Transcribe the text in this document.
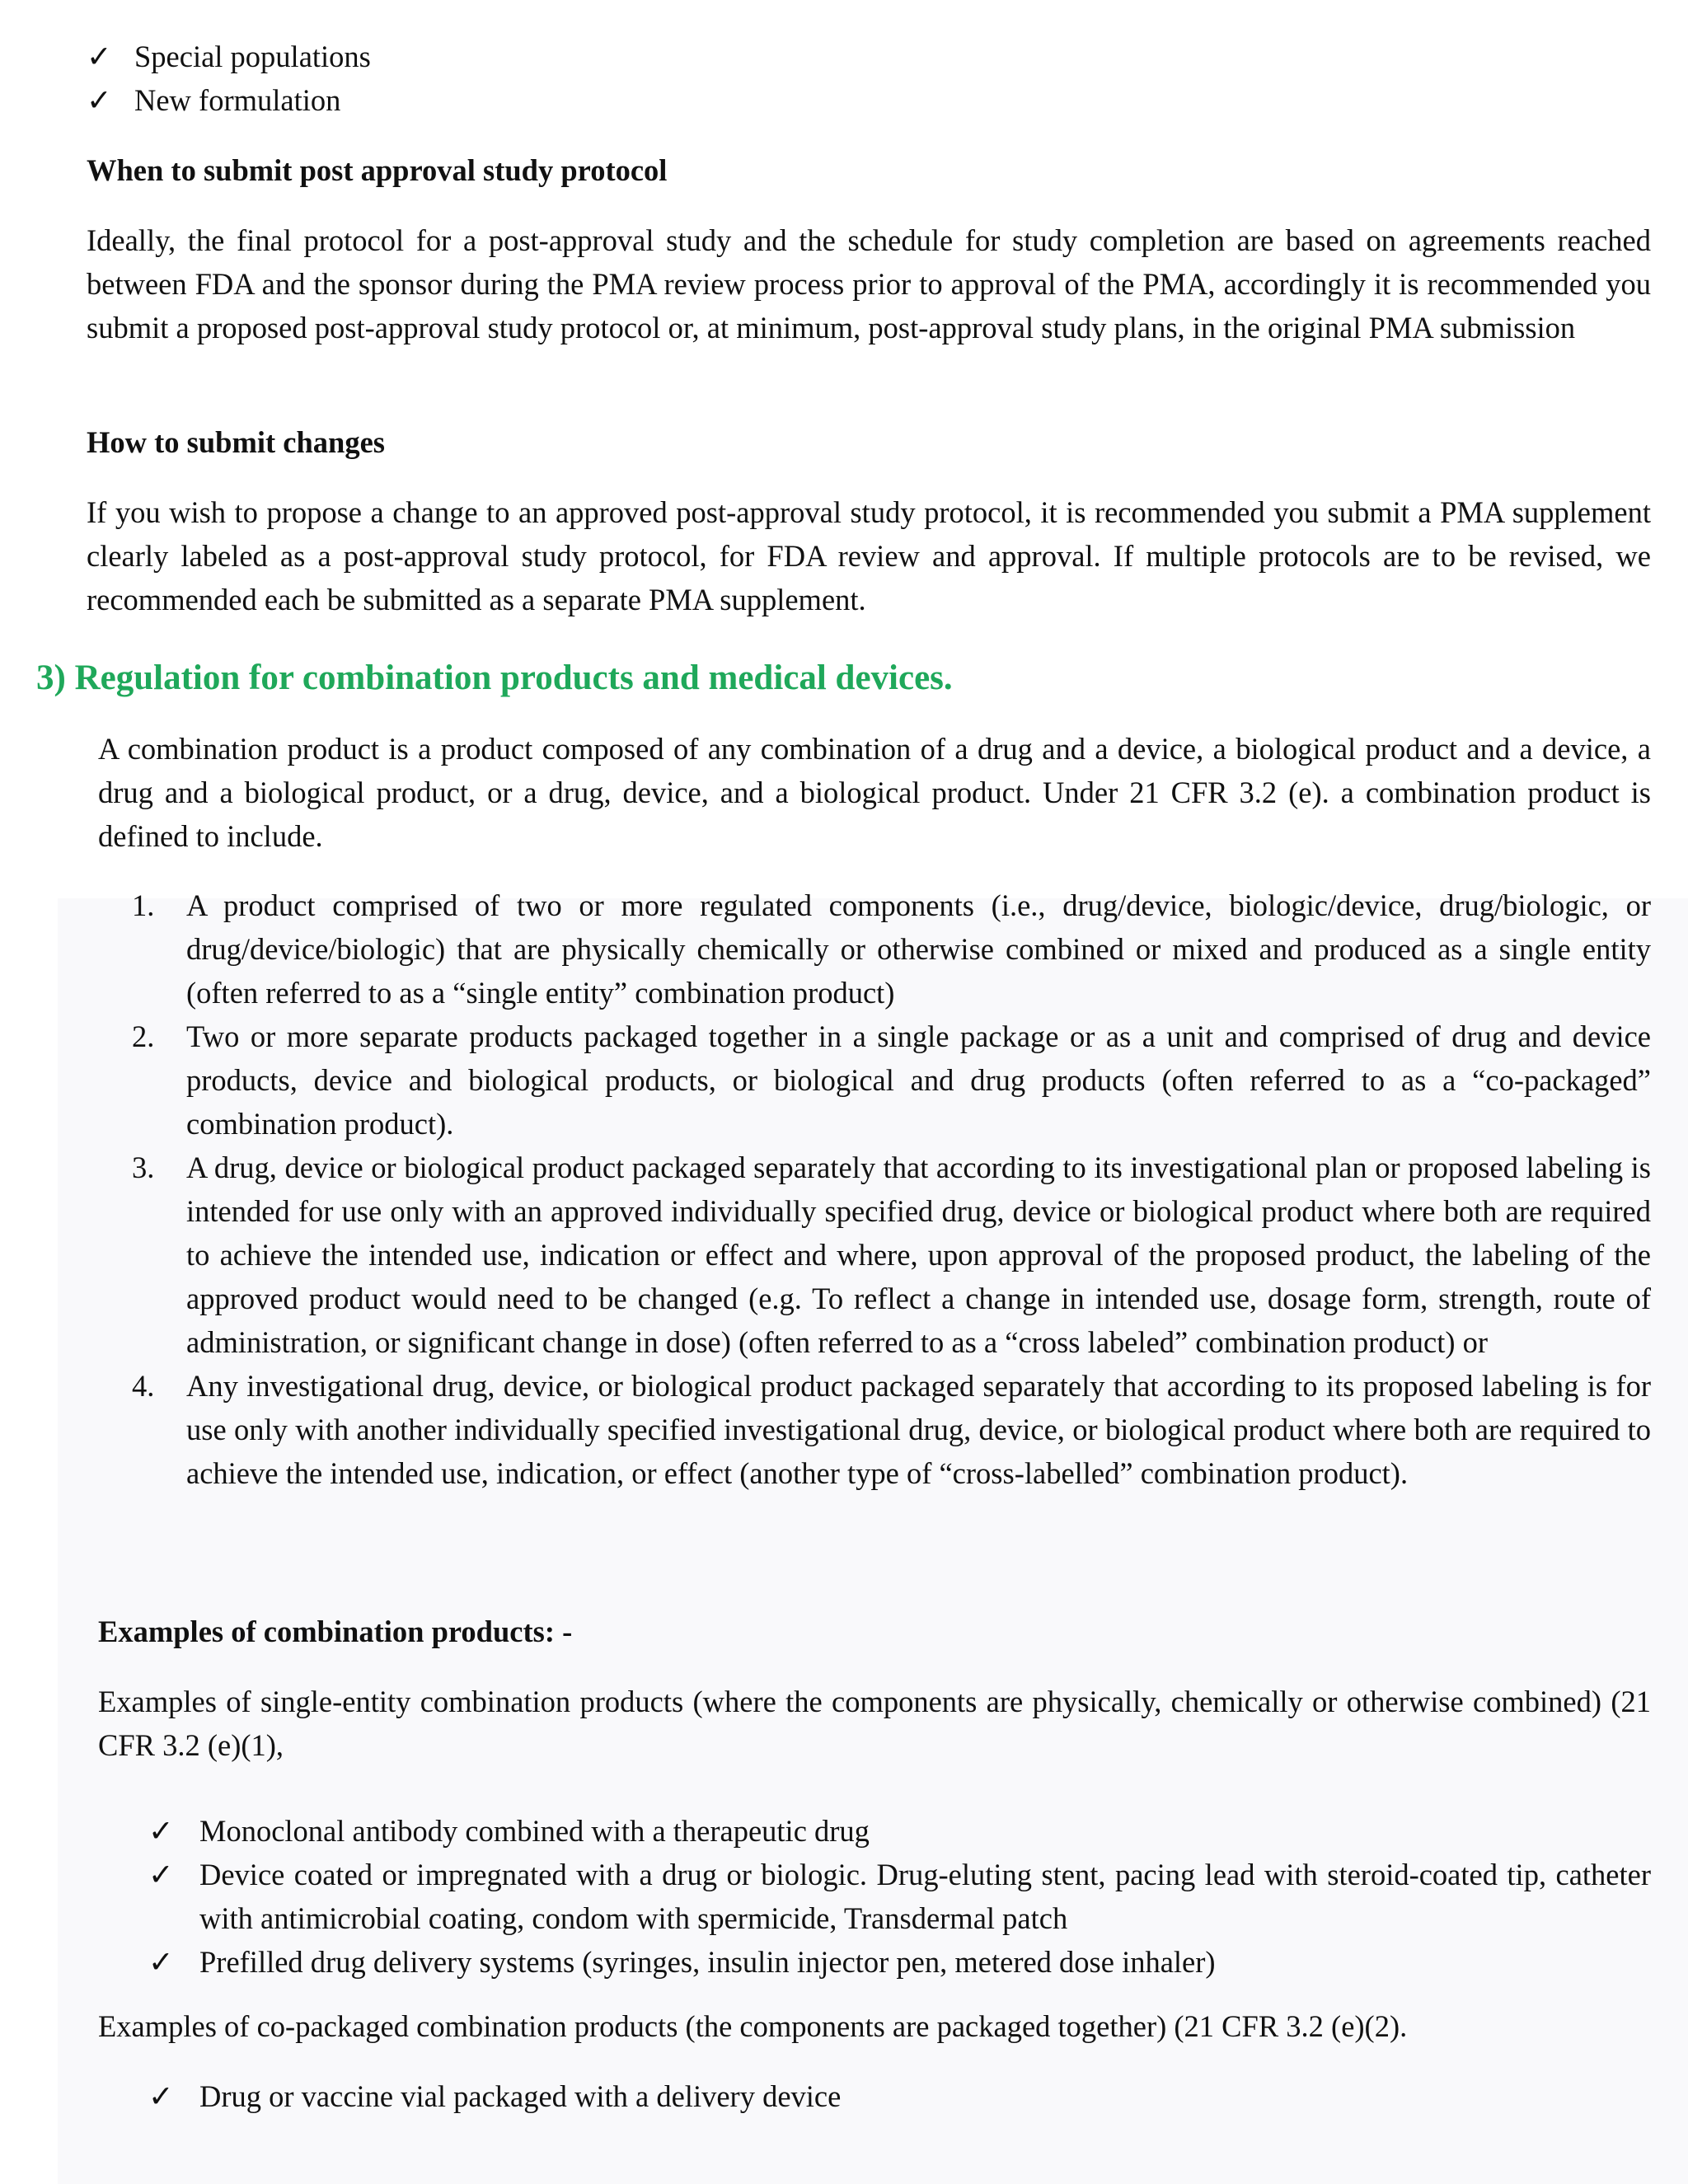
✓ Special populations
✓ New formulation
When to submit post approval study protocol
Ideally, the final protocol for a post-approval study and the schedule for study completion are based on agreements reached between FDA and the sponsor during the PMA review process prior to approval of the PMA, accordingly it is recommended you submit a proposed post-approval study protocol or, at minimum, post-approval study plans, in the original PMA submission
How to submit changes
If you wish to propose a change to an approved post-approval study protocol, it is recommended you submit a PMA supplement clearly labeled as a post-approval study protocol, for FDA review and approval. If multiple protocols are to be revised, we recommended each be submitted as a separate PMA supplement.
3) Regulation for combination products and medical devices.
A combination product is a product composed of any combination of a drug and a device, a biological product and a device, a drug and a biological product, or a drug, device, and a biological product. Under 21 CFR 3.2 (e). a combination product is defined to include.
1. A product comprised of two or more regulated components (i.e., drug/device, biologic/device, drug/biologic, or drug/device/biologic) that are physically chemically or otherwise combined or mixed and produced as a single entity (often referred to as a “single entity” combination product)
2. Two or more separate products packaged together in a single package or as a unit and comprised of drug and device products, device and biological products, or biological and drug products (often referred to as a “co-packaged” combination product).
3. A drug, device or biological product packaged separately that according to its investigational plan or proposed labeling is intended for use only with an approved individually specified drug, device or biological product where both are required to achieve the intended use, indication or effect and where, upon approval of the proposed product, the labeling of the approved product would need to be changed (e.g. To reflect a change in intended use, dosage form, strength, route of administration, or significant change in dose) (often referred to as a “cross labeled” combination product) or
4. Any investigational drug, device, or biological product packaged separately that according to its proposed labeling is for use only with another individually specified investigational drug, device, or biological product where both are required to achieve the intended use, indication, or effect (another type of “cross-labelled” combination product).
Examples of combination products: -
Examples of single-entity combination products (where the components are physically, chemically or otherwise combined) (21 CFR 3.2 (e)(1),
✓ Monoclonal antibody combined with a therapeutic drug
✓ Device coated or impregnated with a drug or biologic. Drug-eluting stent, pacing lead with steroid-coated tip, catheter with antimicrobial coating, condom with spermicide, Transdermal patch
✓ Prefilled drug delivery systems (syringes, insulin injector pen, metered dose inhaler)
Examples of co-packaged combination products (the components are packaged together) (21 CFR 3.2 (e)(2).
✓ Drug or vaccine vial packaged with a delivery device
